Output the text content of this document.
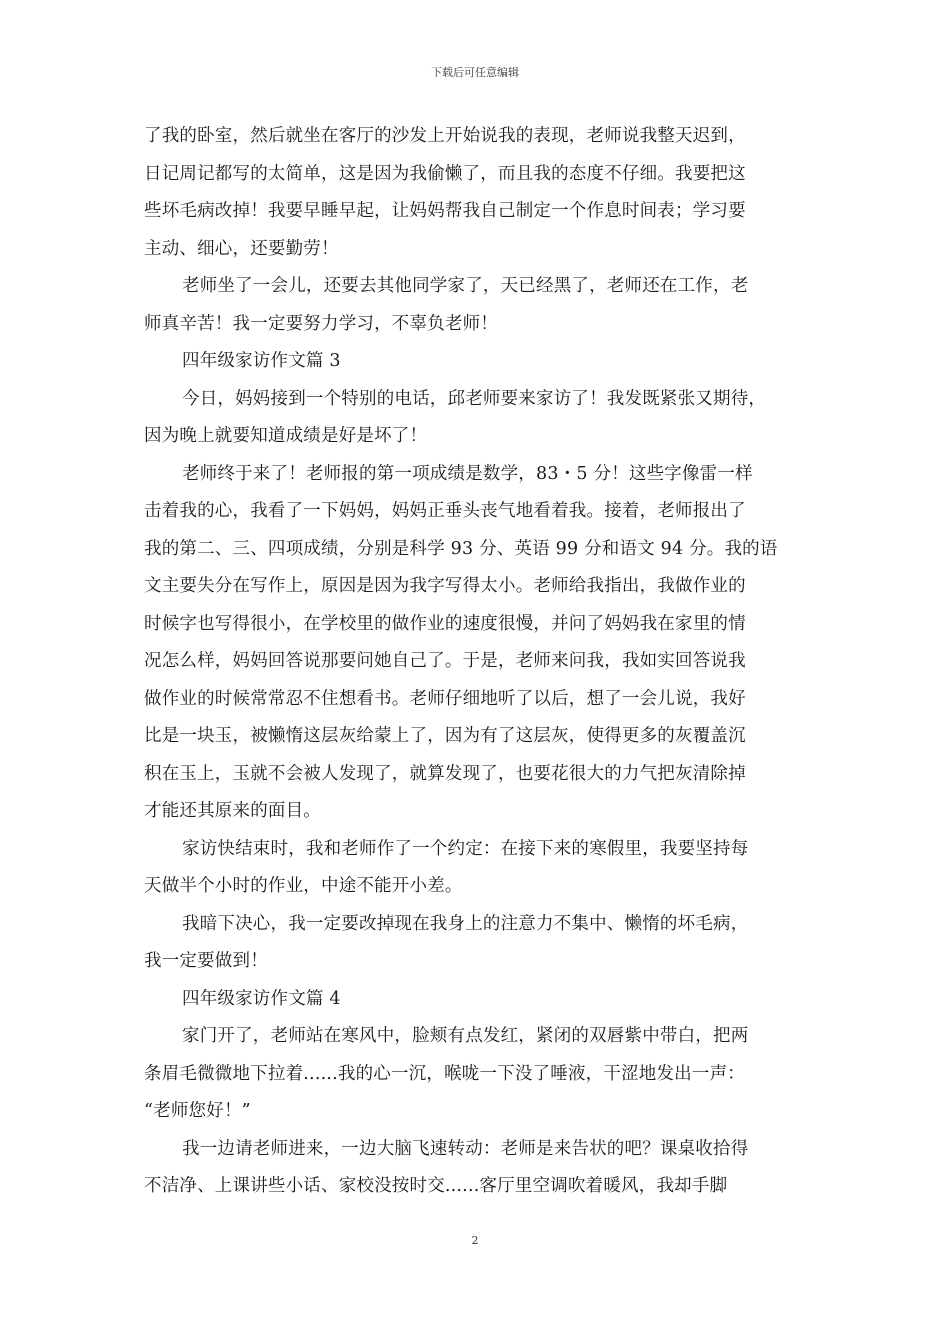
下载后可任意编辑
了我的卧室，然后就坐在客厅的沙发上开始说我的表现，老师说我整天迟到，
日记周记都写的太简单，这是因为我偷懒了，而且我的态度不仔细。我要把这
些坏毛病改掉！我要早睡早起，让妈妈帮我自己制定一个作息时间表；学习要
主动、细心，还要勤劳！
老师坐了一会儿，还要去其他同学家了，天已经黑了，老师还在工作，老
师真辛苦！我一定要努力学习，不辜负老师！
四年级家访作文篇 3
今日，妈妈接到一个特别的电话，邱老师要来家访了！我发既紧张又期待，
因为晚上就要知道成绩是好是坏了！
老师终于来了！老师报的第一项成绩是数学，83・5 分！这些字像雷一样
击着我的心，我看了一下妈妈，妈妈正垂头丧气地看着我。接着，老师报出了
我的第二、三、四项成绩，分别是科学 93 分、英语 99 分和语文 94 分。我的语
文主要失分在写作上，原因是因为我字写得太小。老师给我指出，我做作业的
时候字也写得很小，在学校里的做作业的速度很慢，并问了妈妈我在家里的情
况怎么样，妈妈回答说那要问她自己了。于是，老师来问我，我如实回答说我
做作业的时候常常忍不住想看书。老师仔细地听了以后，想了一会儿说，我好
比是一块玉，被懒惰这层灰给蒙上了，因为有了这层灰，使得更多的灰覆盖沉
积在玉上，玉就不会被人发现了，就算发现了，也要花很大的力气把灰清除掉
才能还其原来的面目。
家访快结束时，我和老师作了一个约定：在接下来的寒假里，我要坚持每
天做半个小时的作业，中途不能开小差。
我暗下决心，我一定要改掉现在我身上的注意力不集中、懒惰的坏毛病，
我一定要做到！
四年级家访作文篇 4
家门开了，老师站在寒风中，脸颊有点发红，紧闭的双唇紫中带白，把两
条眉毛微微地下拉着......我的心一沉，喉咙一下没了唾液，干涩地发出一声：
“老师您好！”
我一边请老师进来，一边大脑飞速转动：老师是来告状的吧？课桌收拾得
不洁净、上课讲些小话、家校没按时交......客厅里空调吹着暖风，我却手脚
2
